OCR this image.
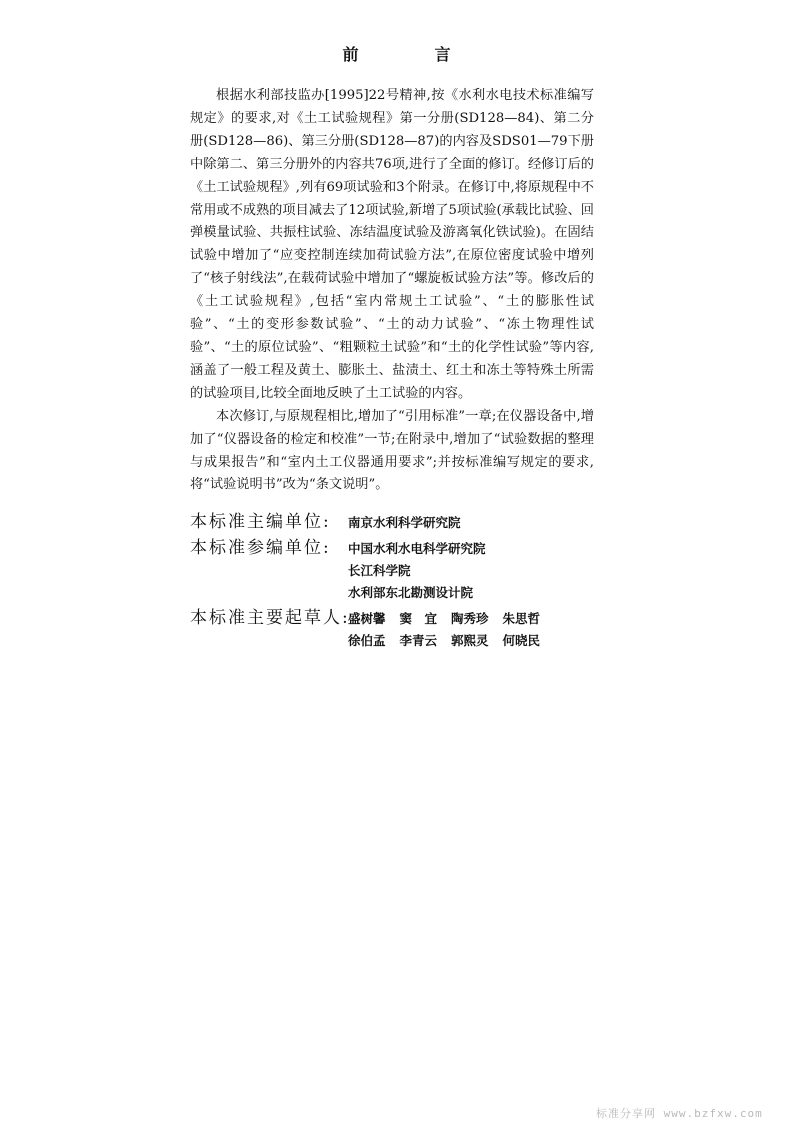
前　言

根据水利部技监办[1995]22号精神,按《水利水电技术标准编写规定》的要求,对《土工试验规程》第一分册(SD128—84)、第二分册(SD128—86)、第三分册(SD128—87)的内容及SDS01—79下册中除第二、第三分册外的内容共76项,进行了全面的修订。经修订后的《土工试验规程》,列有69项试验和3个附录。在修订中,将原规程中不常用或不成熟的项目减去了12项试验,新增了5项试验(承载比试验、回弹模量试验、共振柱试验、冻结温度试验及游离氧化铁试验)。在固结试验中增加了“应变控制连续加荷试验方法”,在原位密度试验中增列了“核子射线法”,在载荷试验中增加了“螺旋板试验方法”等。修改后的《土工试验规程》,包括“室内常规土工试验”、“土的膨胀性试验”、“土的变形参数试验”、“土的动力试验”、“冻土物理性试验”、“土的原位试验”、“粗颗粒土试验”和“土的化学性试验”等内容,涵盖了一般工程及黄土、膨胀土、盐渍土、红土和冻土等特殊土所需的试验项目,比较全面地反映了土工试验的内容。

本次修订,与原规程相比,增加了“引用标准”一章;在仪器设备中,增加了“仪器设备的检定和校准”一节;在附录中,增加了“试验数据的整理与成果报告”和“室内土工仪器通用要求”;并按标准编写规定的要求,将“试验说明书”改为“条文说明”。

本标准主编单位:	南京水利科学研究院
本标准参编单位:	中国水利水电科学研究院
长江科学院
水利部东北勘测设计院
本标准主要起草人:
盛树馨 窦　宜 陶秀珍 朱思哲
徐伯孟 李青云 郭熙灵 何晓民
标准分享网 www.bzfxw.com
